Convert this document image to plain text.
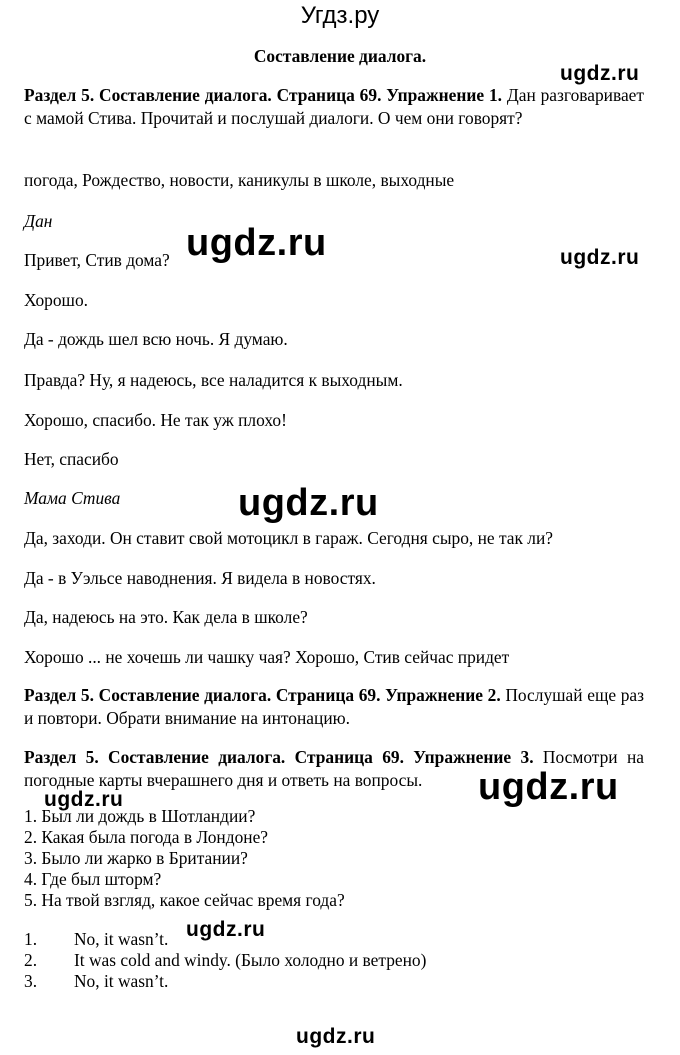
Угдз.ру
Составление диалога.
ugdz.ru
ugdz.ru	ugdz.ru
ugdz.ru
ugdz.ru
ugdz.ru
ugdz.ru
ugdz.ru
Раздел 5. Составление диалога. Страница 69. Упражнение 1. Дан разговаривает с мамой Стива. Прочитай и послушай диалоги. О чем они говорят?
погода, Рождество, новости, каникулы в школе, выходные
Дан
Привет, Стив дома?
Хорошо.
Да - дождь шел всю ночь. Я думаю.
Правда? Ну, я надеюсь, все наладится к выходным.
Хорошо, спасибо. Не так уж плохо!
Нет, спасибо
Мама Стива
Да, заходи. Он ставит свой мотоцикл в гараж. Сегодня сыро, не так ли?
Да - в Уэльсе наводнения. Я видела в новостях.
Да, надеюсь на это. Как дела в школе?
Хорошо ... не хочешь ли чашку чая? Хорошо, Стив сейчас придет
Раздел 5. Составление диалога. Страница 69. Упражнение 2. Послушай еще раз и повтори. Обрати внимание на интонацию.
Раздел 5. Составление диалога. Страница 69. Упражнение 3. Посмотри на погодные карты вчерашнего дня и ответь на вопросы.
1. Был ли дождь в Шотландии?
2. Какая была погода в Лондоне?
3. Было ли жарко в Британии?
4. Где был шторм?
5. На твой взгляд, какое сейчас время года?
1. No, it wasn’t.
2. It was cold and windy. (Было холодно и ветрено)
3. No, it wasn’t.
